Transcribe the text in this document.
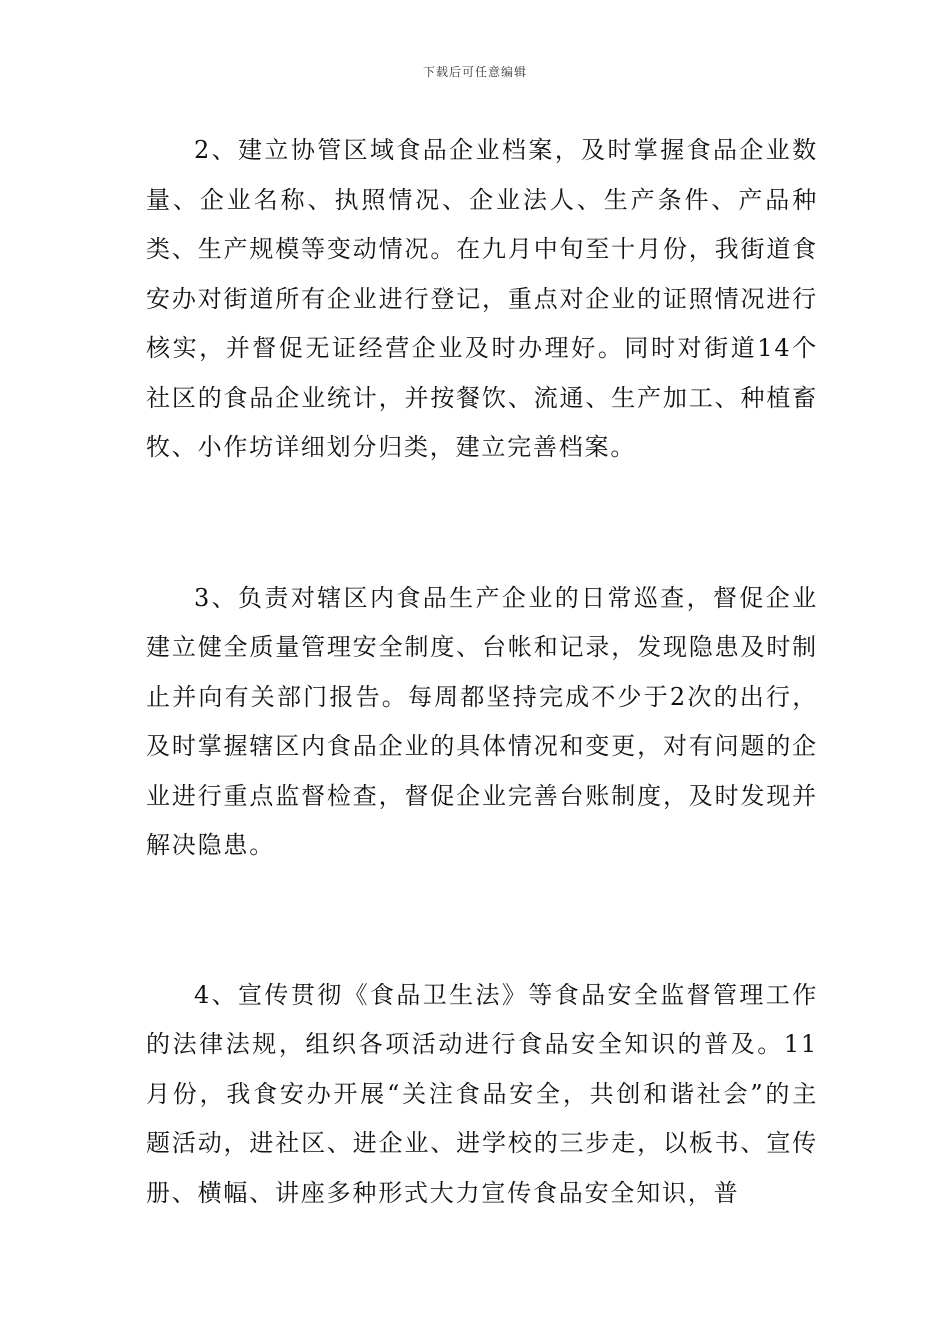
下载后可任意编辑

2、建立协管区域食品企业档案，及时掌握食品企业数量、企业名称、执照情况、企业法人、生产条件、产品种类、生产规模等变动情况。在九月中旬至十月份，我街道食安办对街道所有企业进行登记，重点对企业的证照情况进行核实，并督促无证经营企业及时办理好。同时对街道14个社区的食品企业统计，并按餐饮、流通、生产加工、种植畜牧、小作坊详细划分归类，建立完善档案。

3、负责对辖区内食品生产企业的日常巡查，督促企业建立健全质量管理安全制度、台帐和记录，发现隐患及时制止并向有关部门报告。每周都坚持完成不少于2次的出行，及时掌握辖区内食品企业的具体情况和变更，对有问题的企业进行重点监督检查，督促企业完善台账制度，及时发现并解决隐患。

4、宣传贯彻《食品卫生法》等食品安全监督管理工作的法律法规，组织各项活动进行食品安全知识的普及。11月份，我食安办开展“关注食品安全，共创和谐社会”的主题活动，进社区、进企业、进学校的三步走，以板书、宣传册、横幅、讲座多种形式大力宣传食品安全知识，普
